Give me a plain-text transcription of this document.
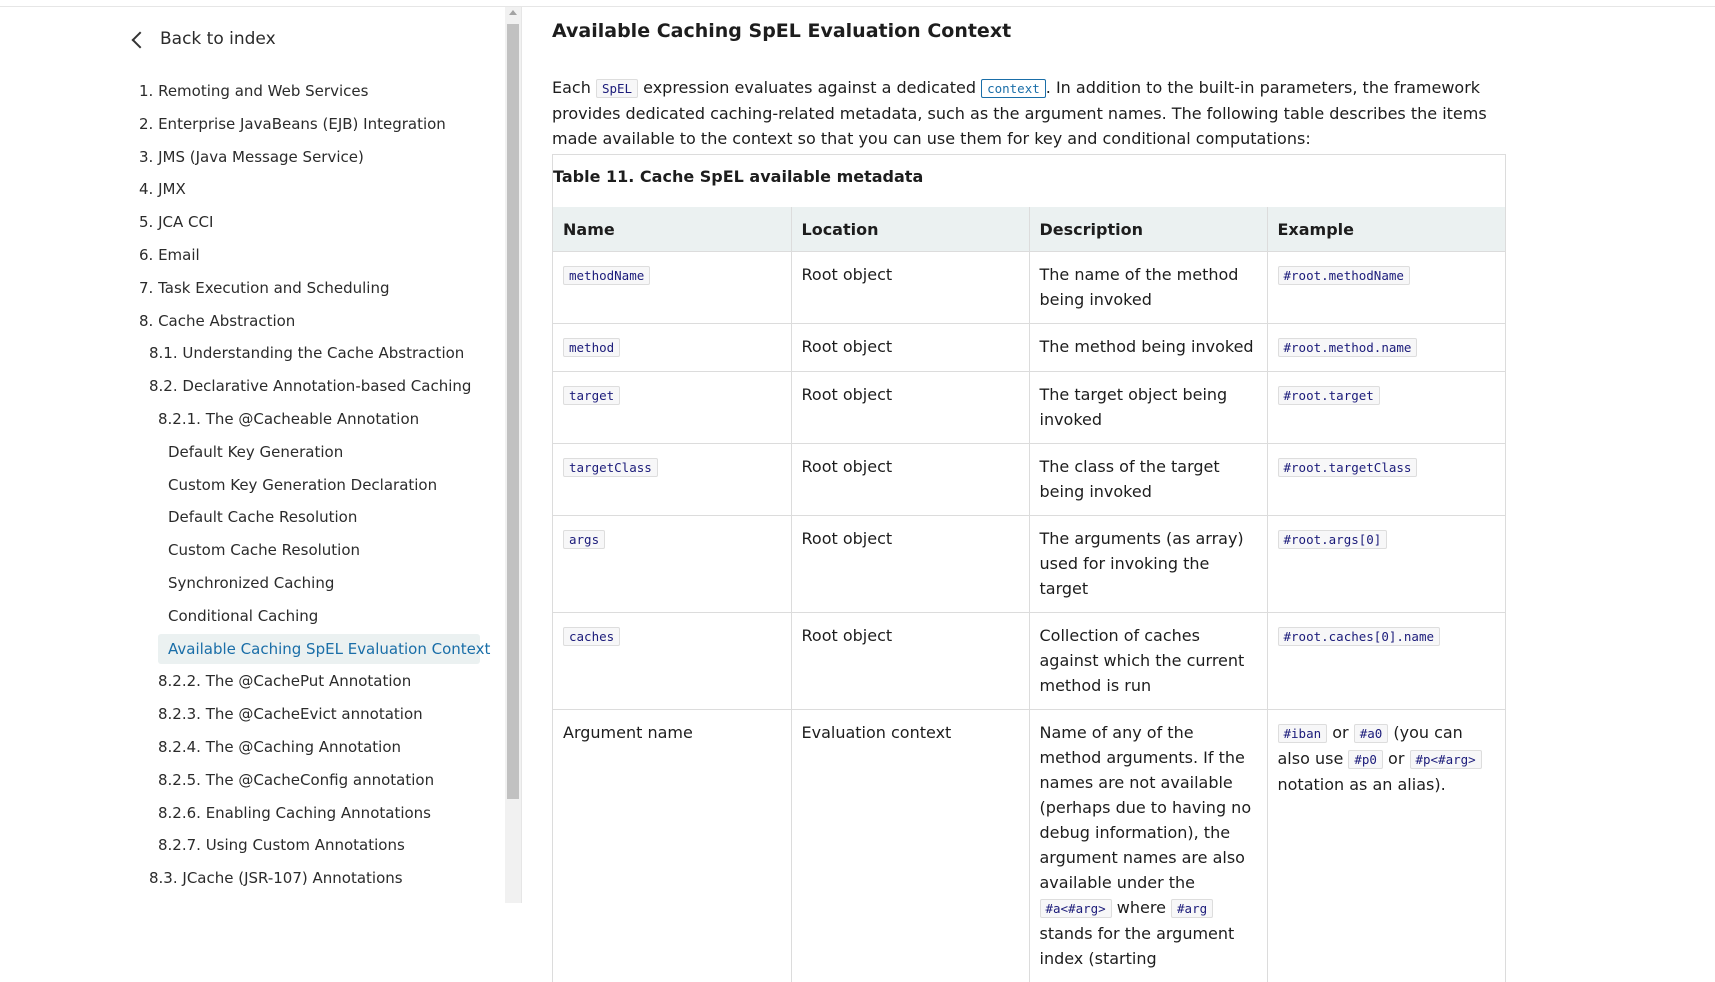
Back to index
1. Remoting and Web Services
2. Enterprise JavaBeans (EJB) Integration
3. JMS (Java Message Service)
4. JMX
5. JCA CCI
6. Email
7. Task Execution and Scheduling
8. Cache Abstraction
8.1. Understanding the Cache Abstraction
8.2. Declarative Annotation-based Caching
8.2.1. The @Cacheable Annotation
Default Key Generation
Custom Key Generation Declaration
Default Cache Resolution
Custom Cache Resolution
Synchronized Caching
Conditional Caching
Available Caching SpEL Evaluation Context
8.2.2. The @CachePut Annotation
8.2.3. The @CacheEvict annotation
8.2.4. The @Caching Annotation
8.2.5. The @CacheConfig annotation
8.2.6. Enabling Caching Annotations
8.2.7. Using Custom Annotations
8.3. JCache (JSR-107) Annotations
Available Caching SpEL Evaluation Context

Each SpEL expression evaluates against a dedicated context . In addition to the built-in parameters, the framework provides dedicated caching-related metadata, such as the argument names. The following table describes the items made available to the context so that you can use them for key and conditional computations:

Table 11. Cache SpEL available metadata
Name	Location	Description	Example
methodName	Root object	The name of the method being invoked	#root.methodName
method	Root object	The method being invoked	#root.method.name
target	Root object	The target object being invoked	#root.target
targetClass	Root object	The class of the target being invoked	#root.targetClass
args	Root object	The arguments (as array) used for invoking the target	#root.args[0]
caches	Root object	Collection of caches against which the current method is run	#root.caches[0].name
Argument name	Evaluation context	Name of any of the method arguments. If the names are not available (perhaps due to having no debug information), the argument names are also available under the #a<#arg> where #arg stands for the argument index (starting	#iban or #a0 (you can also use #p0 or #p<#arg> notation as an alias).
